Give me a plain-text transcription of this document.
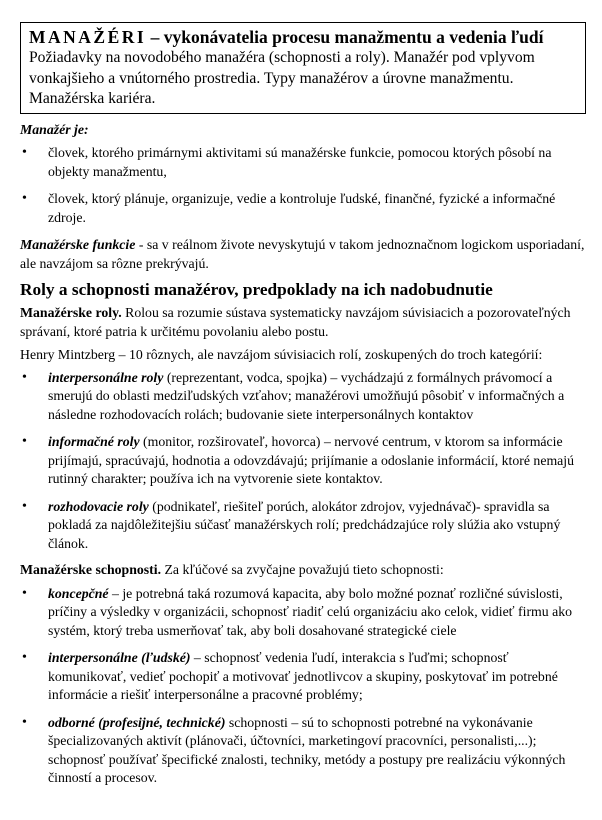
MANAŽÉRI – vykonávatelia procesu manažmentu a vedenia ľudí
Požiadavky na novodobého manažéra (schopnosti a roly). Manažér pod vplyvom vonkajšieho a vnútorného prostredia. Typy manažérov a úrovne manažmentu. Manažérska kariéra.

Manažér je:

• človek, ktorého primárnymi aktivitami sú manažérske funkcie, pomocou ktorých pôsobí na objekty manažmentu,
• človek, ktorý plánuje, organizuje, vedie a kontroluje ľudské, finančné, fyzické a informačné zdroje.

Manažérske funkcie - sa v reálnom živote nevyskytujú v takom jednoznačnom logickom usporiadaní, ale navzájom sa rôzne prekrývajú.

Roly a schopnosti manažérov, predpoklady na ich nadobudnutie

Manažérske roly. Rolou sa rozumie sústava systematicky navzájom súvisiacich a pozorovateľných správaní, ktoré patria k určitému povolaniu alebo postu.

Henry Mintzberg – 10 rôznych, ale navzájom súvisiacich rolí, zoskupených do troch kategórií:

• interpersonálne roly (reprezentant, vodca, spojka) – vychádzajú z formálnych právomocí a smerujú do oblasti medziľudských vzťahov; manažérovi umožňujú pôsobiť v informačných a následne rozhodovacích rolách; budovanie siete interpersonálnych kontaktov
• informačné roly (monitor, rozširovateľ, hovorca) – nervové centrum, v ktorom sa informácie prijímajú, spracúvajú, hodnotia a odovzdávajú; prijímanie a odoslanie informácií, ktoré nemajú rutinný charakter; používa ich na vytvorenie siete kontaktov.
• rozhodovacie roly (podnikateľ, riešiteľ porúch, alokátor zdrojov, vyjednávač)- spravidla sa pokladá za najdôležitejšiu súčasť manažérskych rolí; predchádzajúce roly slúžia ako vstupný článok.

Manažérske schopnosti. Za kľúčové sa zvyčajne považujú tieto schopnosti:

• koncepčné – je potrebná taká rozumová kapacita, aby bolo možné poznať rozličné súvislosti, príčiny a výsledky v organizácii, schopnosť riadiť celú organizáciu ako celok, vidieť firmu ako systém, ktorý treba usmerňovať tak, aby boli dosahované strategické ciele
• interpersonálne (ľudské) – schopnosť vedenia ľudí, interakcia s ľuďmi; schopnosť komunikovať, vedieť pochopiť a motivovať jednotlivcov a skupiny, poskytovať im potrebné informácie a riešiť interpersonálne a pracovné problémy;
• odborné (profesijné, technické) schopnosti – sú to schopnosti potrebné na vykonávanie špecializovaných aktivít (plánovači, účtovníci, marketingoví pracovníci, personalisti,...); schopnosť používať špecifické znalosti, techniky, metódy a postupy pre realizáciu výkonných činností a procesov.
